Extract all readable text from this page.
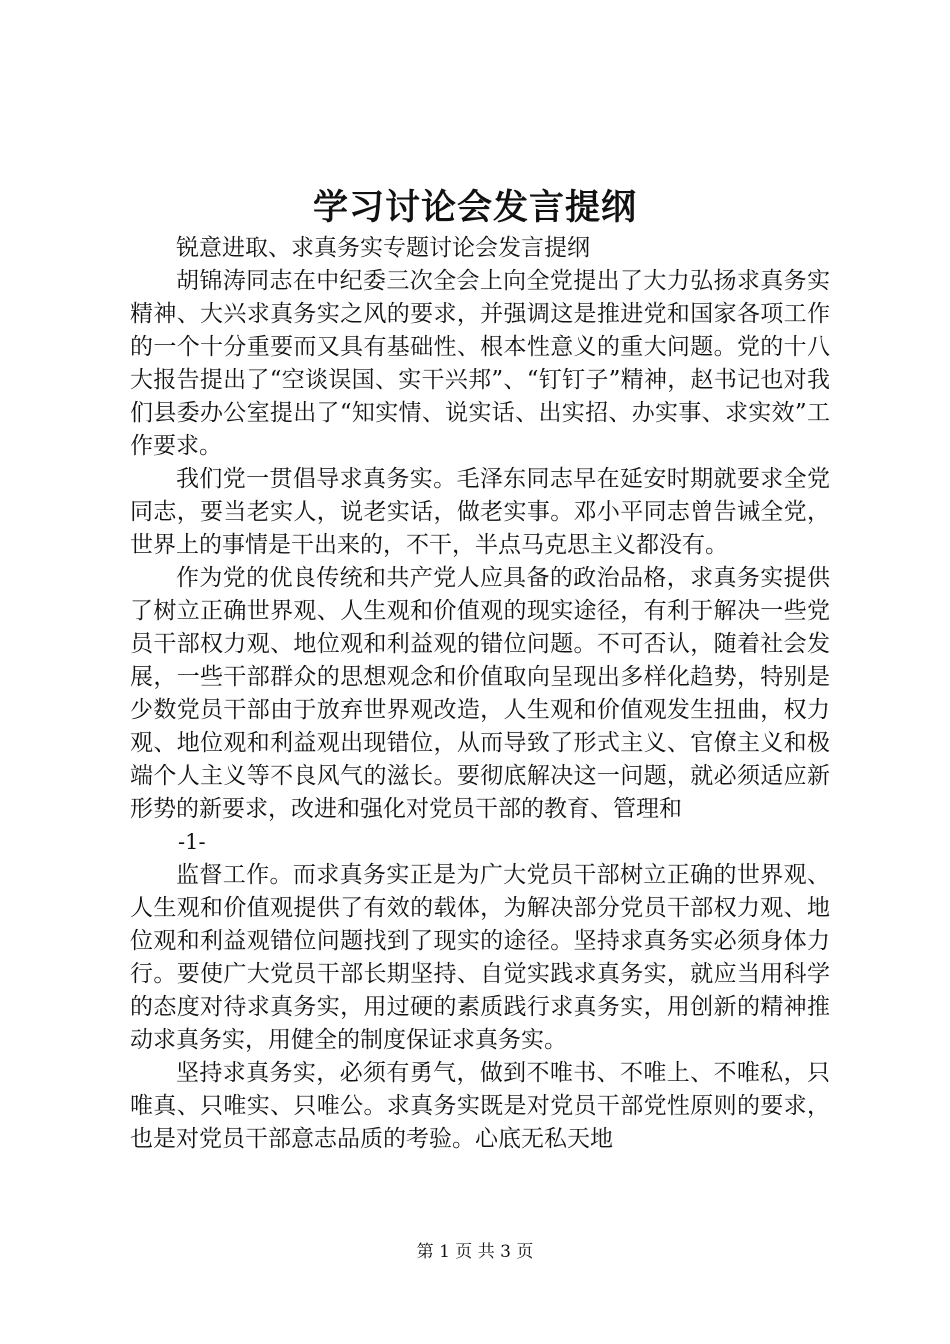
学习讨论会发言提纲

锐意进取、求真务实专题讨论会发言提纲

胡锦涛同志在中纪委三次全会上向全党提出了大力弘扬求真务实精神、大兴求真务实之风的要求，并强调这是推进党和国家各项工作的一个十分重要而又具有基础性、根本性意义的重大问题。党的十八大报告提出了“空谈误国、实干兴邦”、“钉钉子”精神，赵书记也对我们县委办公室提出了“知实情、说实话、出实招、办实事、求实效”工作要求。

我们党一贯倡导求真务实。毛泽东同志早在延安时期就要求全党同志，要当老实人，说老实话，做老实事。邓小平同志曾告诫全党，世界上的事情是干出来的，不干，半点马克思主义都没有。

作为党的优良传统和共产党人应具备的政治品格，求真务实提供了树立正确世界观、人生观和价值观的现实途径，有利于解决一些党员干部权力观、地位观和利益观的错位问题。不可否认，随着社会发展，一些干部群众的思想观念和价值取向呈现出多样化趋势，特别是少数党员干部由于放弃世界观改造，人生观和价值观发生扭曲，权力观、地位观和利益观出现错位，从而导致了形式主义、官僚主义和极端个人主义等不良风气的滋长。要彻底解决这一问题，就必须适应新形势的新要求，改进和强化对党员干部的教育、管理和

-1-

监督工作。而求真务实正是为广大党员干部树立正确的世界观、人生观和价值观提供了有效的载体，为解决部分党员干部权力观、地位观和利益观错位问题找到了现实的途径。坚持求真务实必须身体力行。要使广大党员干部长期坚持、自觉实践求真务实，就应当用科学的态度对待求真务实，用过硬的素质践行求真务实，用创新的精神推动求真务实，用健全的制度保证求真务实。

坚持求真务实，必须有勇气，做到不唯书、不唯上、不唯私，只唯真、只唯实、只唯公。求真务实既是对党员干部党性原则的要求，也是对党员干部意志品质的考验。心底无私天地

第 1 页 共 3 页
